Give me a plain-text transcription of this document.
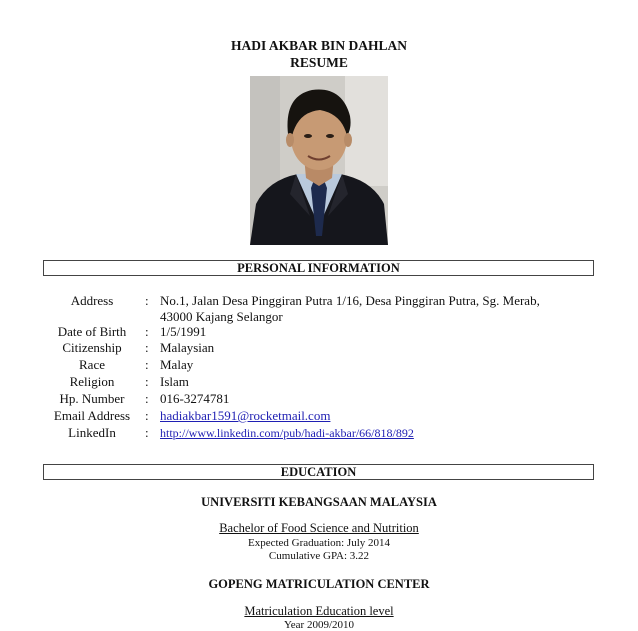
HADI AKBAR BIN DAHLAN
RESUME
PERSONAL INFORMATION
Address	: No.1, Jalan Desa Pinggiran Putra 1/16, Desa Pinggiran Putra, Sg. Merab,
43000 Kajang Selangor
Date of Birth	: 1/5/1991
Citizenship	: Malaysian
Race	: Malay
Religion	: Islam
Hp. Number	: 016-3274781
Email Address	: hadiakbar1591@rocketmail.com
LinkedIn	: http://www.linkedin.com/pub/hadi-akbar/66/818/892
EDUCATION
UNIVERSITI KEBANGSAAN MALAYSIA
Bachelor of Food Science and Nutrition
Expected Graduation: July 2014
Cumulative GPA: 3.22
GOPENG MATRICULATION CENTER
Matriculation Education level
Year 2009/2010
